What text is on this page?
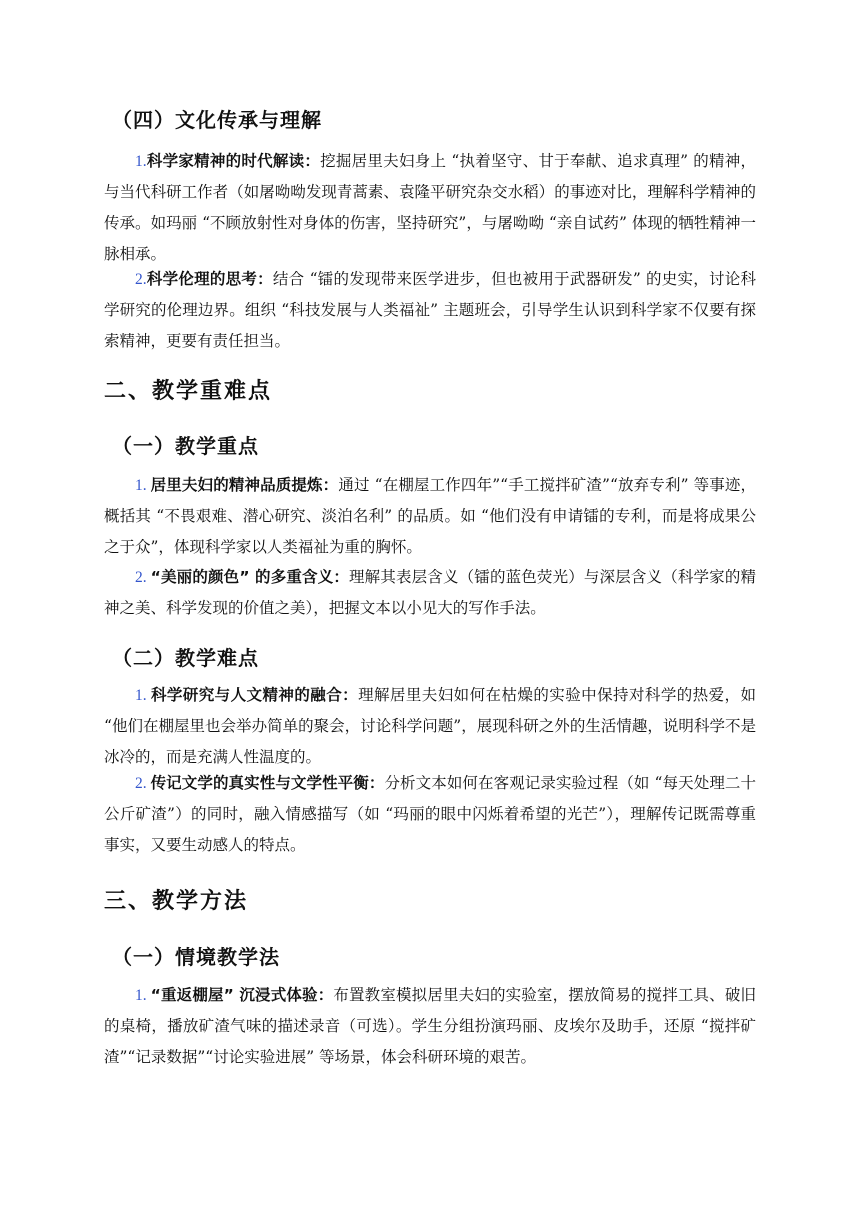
（四）文化传承与理解

1.科学家精神的时代解读：挖掘居里夫妇身上 “执着坚守、甘于奉献、追求真理” 的精神，与当代科研工作者（如屠呦呦发现青蒿素、袁隆平研究杂交水稻）的事迹对比，理解科学精神的传承。如玛丽 “不顾放射性对身体的伤害，坚持研究”，与屠呦呦 “亲自试药” 体现的牺牲精神一脉相承。

2.科学伦理的思考：结合 “镭的发现带来医学进步，但也被用于武器研发” 的史实，讨论科学研究的伦理边界。组织 “科技发展与人类福祉” 主题班会，引导学生认识到科学家不仅要有探索精神，更要有责任担当。

二、教学重难点
（一）教学重点

1. 居里夫妇的精神品质提炼：通过 “在棚屋工作四年”“手工搅拌矿渣”“放弃专利” 等事迹，概括其 “不畏艰难、潜心研究、淡泊名利” 的品质。如 “他们没有申请镭的专利，而是将成果公之于众”，体现科学家以人类福祉为重的胸怀。

2. “美丽的颜色” 的多重含义：理解其表层含义（镭的蓝色荧光）与深层含义（科学家的精神之美、科学发现的价值之美），把握文本以小见大的写作手法。

（二）教学难点

1. 科学研究与人文精神的融合：理解居里夫妇如何在枯燥的实验中保持对科学的热爱，如 “他们在棚屋里也会举办简单的聚会，讨论科学问题”，展现科研之外的生活情趣，说明科学不是冰冷的，而是充满人性温度的。

2. 传记文学的真实性与文学性平衡：分析文本如何在客观记录实验过程（如 “每天处理二十公斤矿渣”）的同时，融入情感描写（如 “玛丽的眼中闪烁着希望的光芒”），理解传记既需尊重事实，又要生动感人的特点。

三、教学方法
（一）情境教学法

1. “重返棚屋” 沉浸式体验：布置教室模拟居里夫妇的实验室，摆放简易的搅拌工具、破旧的桌椅，播放矿渣气味的描述录音（可选）。学生分组扮演玛丽、皮埃尔及助手，还原 “搅拌矿渣”“记录数据”“讨论实验进展” 等场景，体会科研环境的艰苦。
